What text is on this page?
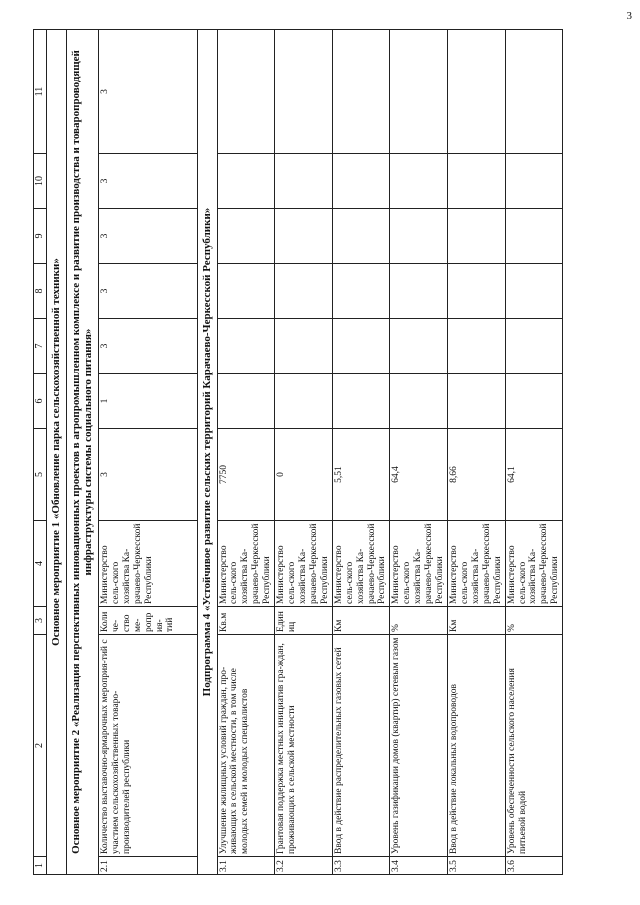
3
1	2	3	4	5	6	7	8	9	10	11
Основное мероприятие 1 «Обновление парка сельскохозяйственной техники»										
Основное мероприятие 2 «Реализация перспективных инновационных проектов в агропромышленном комплексе и развитие производства и товаропроводящей инфраструктуры системы социального питания»										
2.1	Количество выставочно-ярмарочных мероприя-тий с участием сельскохозяйственных товаро-производителей республики	Количе-ство ме-роприя-тий	Министерство сель-ского хозяйства Ка-рачаево-Черкесской Республики	3	1	3	3	3	3	3
Подпрограмма 4 «Устойчивое развитие сельских территорий Карачаево-Черкесской Республики»										
3.1	Улучшение жилищных условий граждан, про-живающих в сельской местности, в том числе молодых семей и молодых специалистов	Кв.м	Министерство сель-ского хозяйства Ка-рачаево-Черкесской Республики	7750						
3.2	Грантовая поддержка местных инициатив гра-ждан, проживающих в сельской местности	Единиц	Министерство сель-ского хозяйства Ка-рачаево-Черкесской Республики	0						
3.3	Ввод в действие распределительных газовых сетей	Км	Министерство сель-ского хозяйства Ка-рачаево-Черкесской Республики	5,51						
3.4	Уровень газификации домов (квартир) сетевым газом	%	Министерство сель-ского хозяйства Ка-рачаево-Черкесской Республики	64,4						
3.5	Ввод в действие локальных водопроводов	Км	Министерство сель-ского хозяйства Ка-рачаево-Черкесской Республики	8,66						
3.6	Уровень обеспеченности сельского населения питьевой водой	%	Министерство сель-ского хозяйства Ка-рачаево-Черкесской Республики	64,1						
